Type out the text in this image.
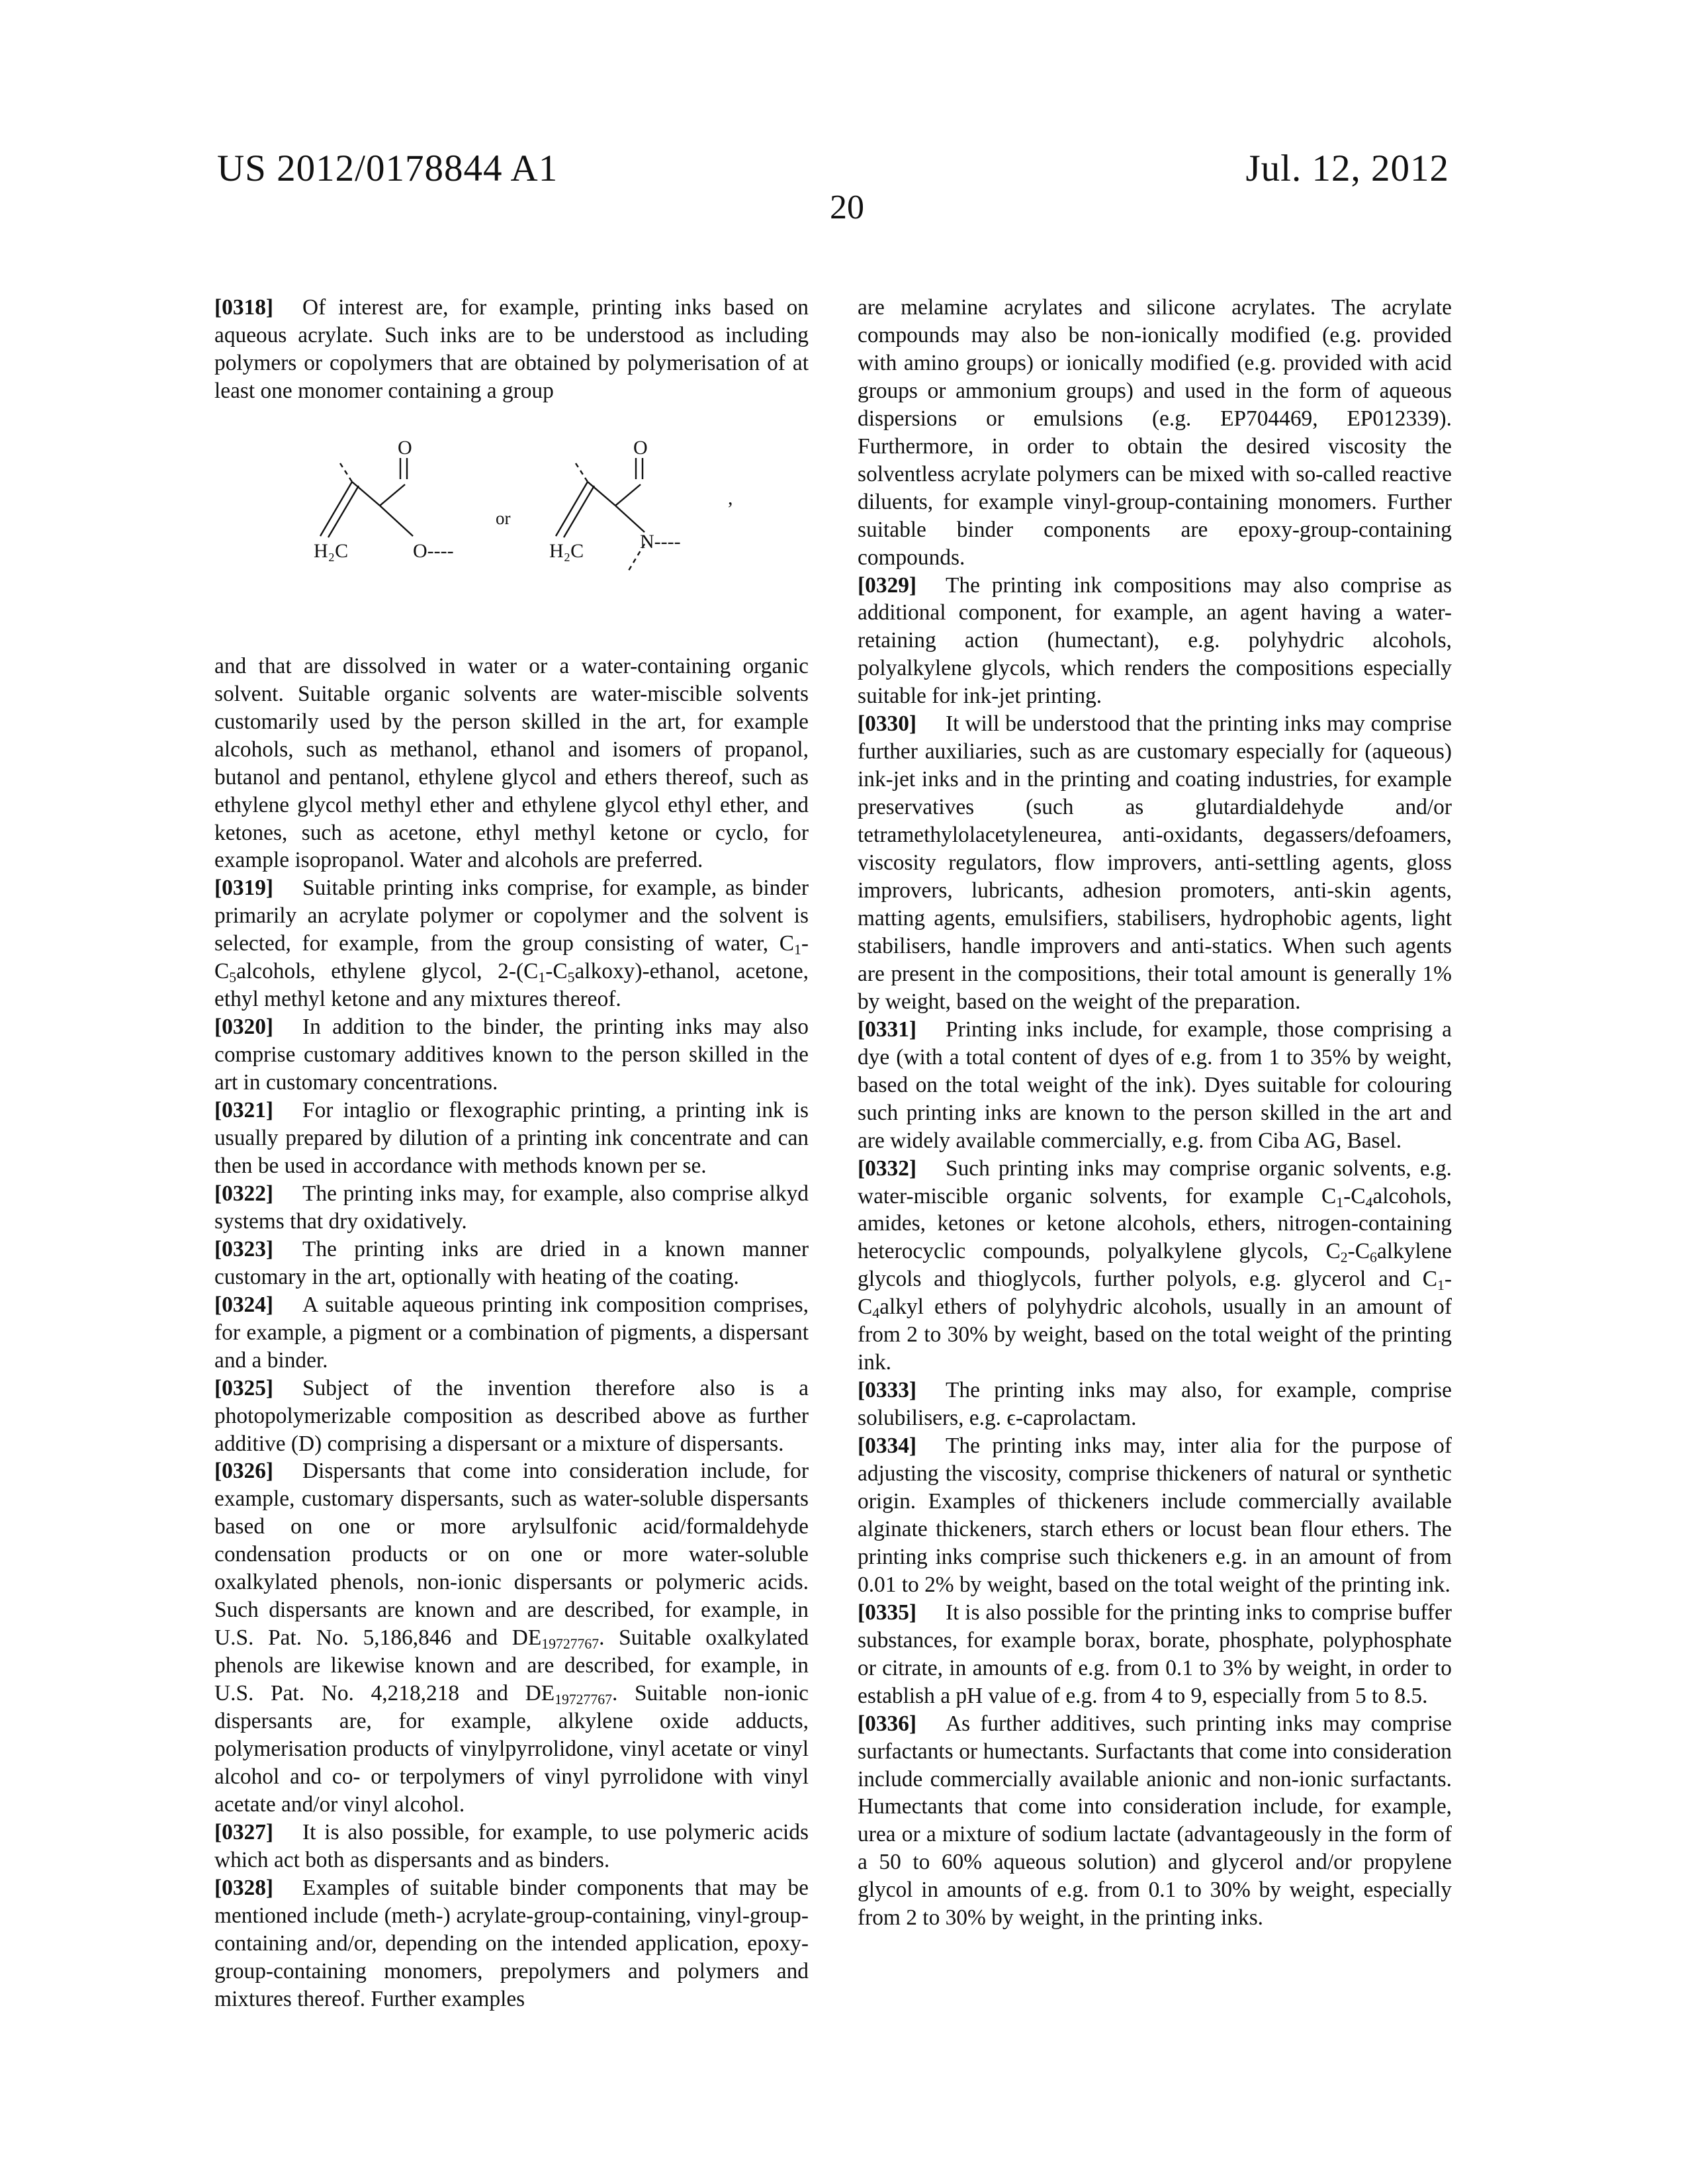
US 2012/0178844 A1	Jul. 12, 2012
20

[0318] Of interest are, for example, printing inks based on aqueous acrylate. Such inks are to be understood as including polymers or copolymers that are obtained by polymerisation of at least one monomer containing a group

O
H₂C	O----
or
O
H₂C	N----
,

and that are dissolved in water or a water-containing organic solvent. Suitable organic solvents are water-miscible solvents customarily used by the person skilled in the art, for example alcohols, such as methanol, ethanol and isomers of propanol, butanol and pentanol, ethylene glycol and ethers thereof, such as ethylene glycol methyl ether and ethylene glycol ethyl ether, and ketones, such as acetone, ethyl methyl ketone or cyclo, for example isopropanol. Water and alcohols are preferred.

[0319] Suitable printing inks comprise, for example, as binder primarily an acrylate polymer or copolymer and the solvent is selected, for example, from the group consisting of water, C1-C5alcohols, ethylene glycol, 2-(C1-C5alkoxy)-ethanol, acetone, ethyl methyl ketone and any mixtures thereof.

[0320] In addition to the binder, the printing inks may also comprise customary additives known to the person skilled in the art in customary concentrations.

[0321] For intaglio or flexographic printing, a printing ink is usually prepared by dilution of a printing ink concentrate and can then be used in accordance with methods known per se.

[0322] The printing inks may, for example, also comprise alkyd systems that dry oxidatively.

[0323] The printing inks are dried in a known manner customary in the art, optionally with heating of the coating.

[0324] A suitable aqueous printing ink composition comprises, for example, a pigment or a combination of pigments, a dispersant and a binder.

[0325] Subject of the invention therefore also is a photopolymerizable composition as described above as further additive (D) comprising a dispersant or a mixture of dispersants.

[0326] Dispersants that come into consideration include, for example, customary dispersants, such as water-soluble dispersants based on one or more arylsulfonic acid/formaldehyde condensation products or on one or more water-soluble oxalkylated phenols, non-ionic dispersants or polymeric acids. Such dispersants are known and are described, for example, in U.S. Pat. No. 5,186,846 and DE19727767. Suitable oxalkylated phenols are likewise known and are described, for example, in U.S. Pat. No. 4,218,218 and DE19727767. Suitable non-ionic dispersants are, for example, alkylene oxide adducts, polymerisation products of vinylpyrrolidone, vinyl acetate or vinyl alcohol and co- or terpolymers of vinyl pyrrolidone with vinyl acetate and/or vinyl alcohol.

[0327] It is also possible, for example, to use polymeric acids which act both as dispersants and as binders.

[0328] Examples of suitable binder components that may be mentioned include (meth-) acrylate-group-containing, vinyl-group-containing and/or, depending on the intended application, epoxy-group-containing monomers, prepolymers and polymers and mixtures thereof. Further examples

are melamine acrylates and silicone acrylates. The acrylate compounds may also be non-ionically modified (e.g. provided with amino groups) or ionically modified (e.g. provided with acid groups or ammonium groups) and used in the form of aqueous dispersions or emulsions (e.g. EP704469, EP012339). Furthermore, in order to obtain the desired viscosity the solventless acrylate polymers can be mixed with so-called reactive diluents, for example vinyl-group-containing monomers. Further suitable binder components are epoxy-group-containing compounds.

[0329] The printing ink compositions may also comprise as additional component, for example, an agent having a water-retaining action (humectant), e.g. polyhydric alcohols, polyalkylene glycols, which renders the compositions especially suitable for ink-jet printing.

[0330] It will be understood that the printing inks may comprise further auxiliaries, such as are customary especially for (aqueous) ink-jet inks and in the printing and coating industries, for example preservatives (such as glutardialdehyde and/or tetramethylolacetyleneurea, anti-oxidants, degassers/defoamers, viscosity regulators, flow improvers, anti-settling agents, gloss improvers, lubricants, adhesion promoters, anti-skin agents, matting agents, emulsifiers, stabilisers, hydrophobic agents, light stabilisers, handle improvers and anti-statics. When such agents are present in the compositions, their total amount is generally 1% by weight, based on the weight of the preparation.

[0331] Printing inks include, for example, those comprising a dye (with a total content of dyes of e.g. from 1 to 35% by weight, based on the total weight of the ink). Dyes suitable for colouring such printing inks are known to the person skilled in the art and are widely available commercially, e.g. from Ciba AG, Basel.

[0332] Such printing inks may comprise organic solvents, e.g. water-miscible organic solvents, for example C1-C4alcohols, amides, ketones or ketone alcohols, ethers, nitrogen-containing heterocyclic compounds, polyalkylene glycols, C2-C6alkylene glycols and thioglycols, further polyols, e.g. glycerol and C1-C4alkyl ethers of polyhydric alcohols, usually in an amount of from 2 to 30% by weight, based on the total weight of the printing ink.

[0333] The printing inks may also, for example, comprise solubilisers, e.g. ϵ-caprolactam.

[0334] The printing inks may, inter alia for the purpose of adjusting the viscosity, comprise thickeners of natural or synthetic origin. Examples of thickeners include commercially available alginate thickeners, starch ethers or locust bean flour ethers. The printing inks comprise such thickeners e.g. in an amount of from 0.01 to 2% by weight, based on the total weight of the printing ink.

[0335] It is also possible for the printing inks to comprise buffer substances, for example borax, borate, phosphate, polyphosphate or citrate, in amounts of e.g. from 0.1 to 3% by weight, in order to establish a pH value of e.g. from 4 to 9, especially from 5 to 8.5.

[0336] As further additives, such printing inks may comprise surfactants or humectants. Surfactants that come into consideration include commercially available anionic and non-ionic surfactants. Humectants that come into consideration include, for example, urea or a mixture of sodium lactate (advantageously in the form of a 50 to 60% aqueous solution) and glycerol and/or propylene glycol in amounts of e.g. from 0.1 to 30% by weight, especially from 2 to 30% by weight, in the printing inks.
